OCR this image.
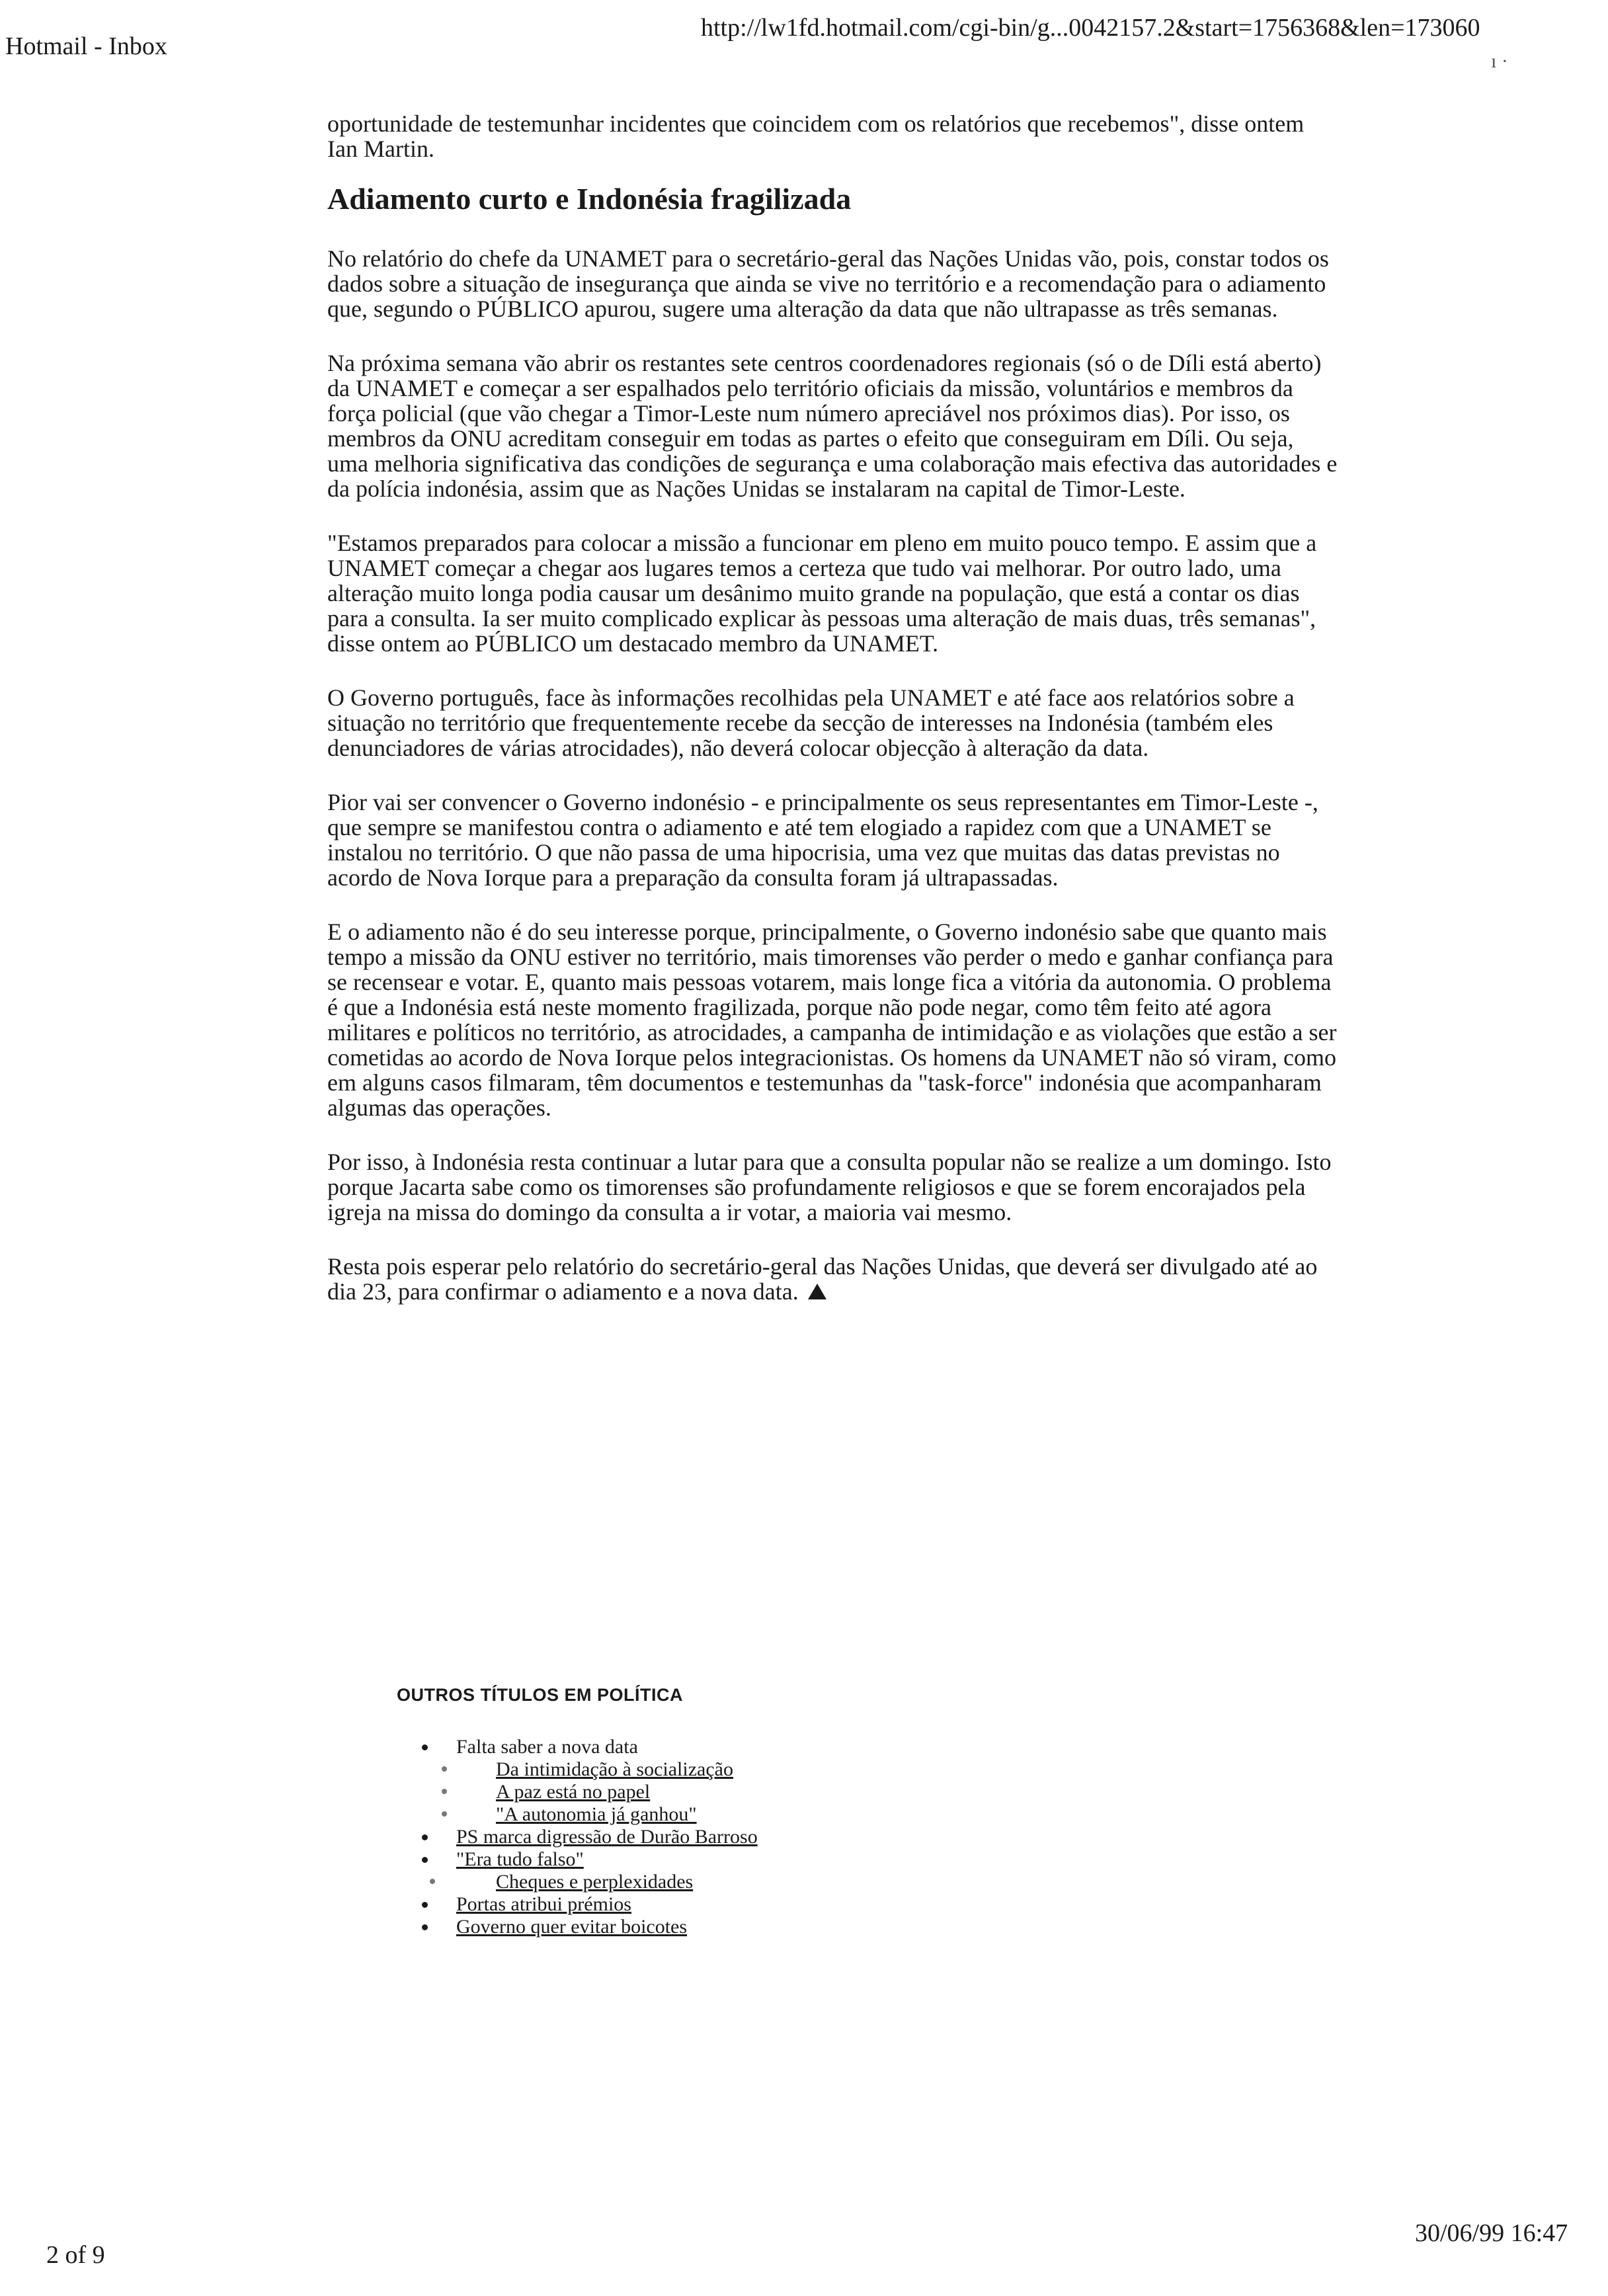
Hotmail - Inbox
http://lw1fd.hotmail.com/cgi-bin/g...0042157.2&start=1756368&len=173060
ı ·

oportunidade de testemunhar incidentes que coincidem com os relatórios que recebemos", disse ontem Ian Martin.

Adiamento curto e Indonésia fragilizada

No relatório do chefe da UNAMET para o secretário-geral das Nações Unidas vão, pois, constar todos os dados sobre a situação de insegurança que ainda se vive no território e a recomendação para o adiamento que, segundo o PÚBLICO apurou, sugere uma alteração da data que não ultrapasse as três semanas.

Na próxima semana vão abrir os restantes sete centros coordenadores regionais (só o de Díli está aberto) da UNAMET e começar a ser espalhados pelo território oficiais da missão, voluntários e membros da força policial (que vão chegar a Timor-Leste num número apreciável nos próximos dias). Por isso, os membros da ONU acreditam conseguir em todas as partes o efeito que conseguiram em Díli. Ou seja, uma melhoria significativa das condições de segurança e uma colaboração mais efectiva das autoridades e da polícia indonésia, assim que as Nações Unidas se instalaram na capital de Timor-Leste.

"Estamos preparados para colocar a missão a funcionar em pleno em muito pouco tempo. E assim que a UNAMET começar a chegar aos lugares temos a certeza que tudo vai melhorar. Por outro lado, uma alteração muito longa podia causar um desânimo muito grande na população, que está a contar os dias para a consulta. Ia ser muito complicado explicar às pessoas uma alteração de mais duas, três semanas", disse ontem ao PÚBLICO um destacado membro da UNAMET.

O Governo português, face às informações recolhidas pela UNAMET e até face aos relatórios sobre a situação no território que frequentemente recebe da secção de interesses na Indonésia (também eles denunciadores de várias atrocidades), não deverá colocar objecção à alteração da data.

Pior vai ser convencer o Governo indonésio - e principalmente os seus representantes em Timor-Leste -, que sempre se manifestou contra o adiamento e até tem elogiado a rapidez com que a UNAMET se instalou no território. O que não passa de uma hipocrisia, uma vez que muitas das datas previstas no acordo de Nova Iorque para a preparação da consulta foram já ultrapassadas.

E o adiamento não é do seu interesse porque, principalmente, o Governo indonésio sabe que quanto mais tempo a missão da ONU estiver no território, mais timorenses vão perder o medo e ganhar confiança para se recensear e votar. E, quanto mais pessoas votarem, mais longe fica a vitória da autonomia. O problema é que a Indonésia está neste momento fragilizada, porque não pode negar, como têm feito até agora militares e políticos no território, as atrocidades, a campanha de intimidação e as violações que estão a ser cometidas ao acordo de Nova Iorque pelos integracionistas. Os homens da UNAMET não só viram, como em alguns casos filmaram, têm documentos e testemunhas da "task-force" indonésia que acompanharam algumas das operações.

Por isso, à Indonésia resta continuar a lutar para que a consulta popular não se realize a um domingo. Isto porque Jacarta sabe como os timorenses são profundamente religiosos e que se forem encorajados pela igreja na missa do domingo da consulta a ir votar, a maioria vai mesmo.

Resta pois esperar pelo relatório do secretário-geral das Nações Unidas, que deverá ser divulgado até ao dia 23, para confirmar o adiamento e a nova data.

OUTROS TÍTULOS EM POLÍTICA
Falta saber a nova data
Da intimidação à socialização
A paz está no papel
"A autonomia já ganhou"
PS marca digressão de Durão Barroso
"Era tudo falso"
Cheques e perplexidades
Portas atribui prémios
Governo quer evitar boicotes
2 of 9
30/06/99 16:47
